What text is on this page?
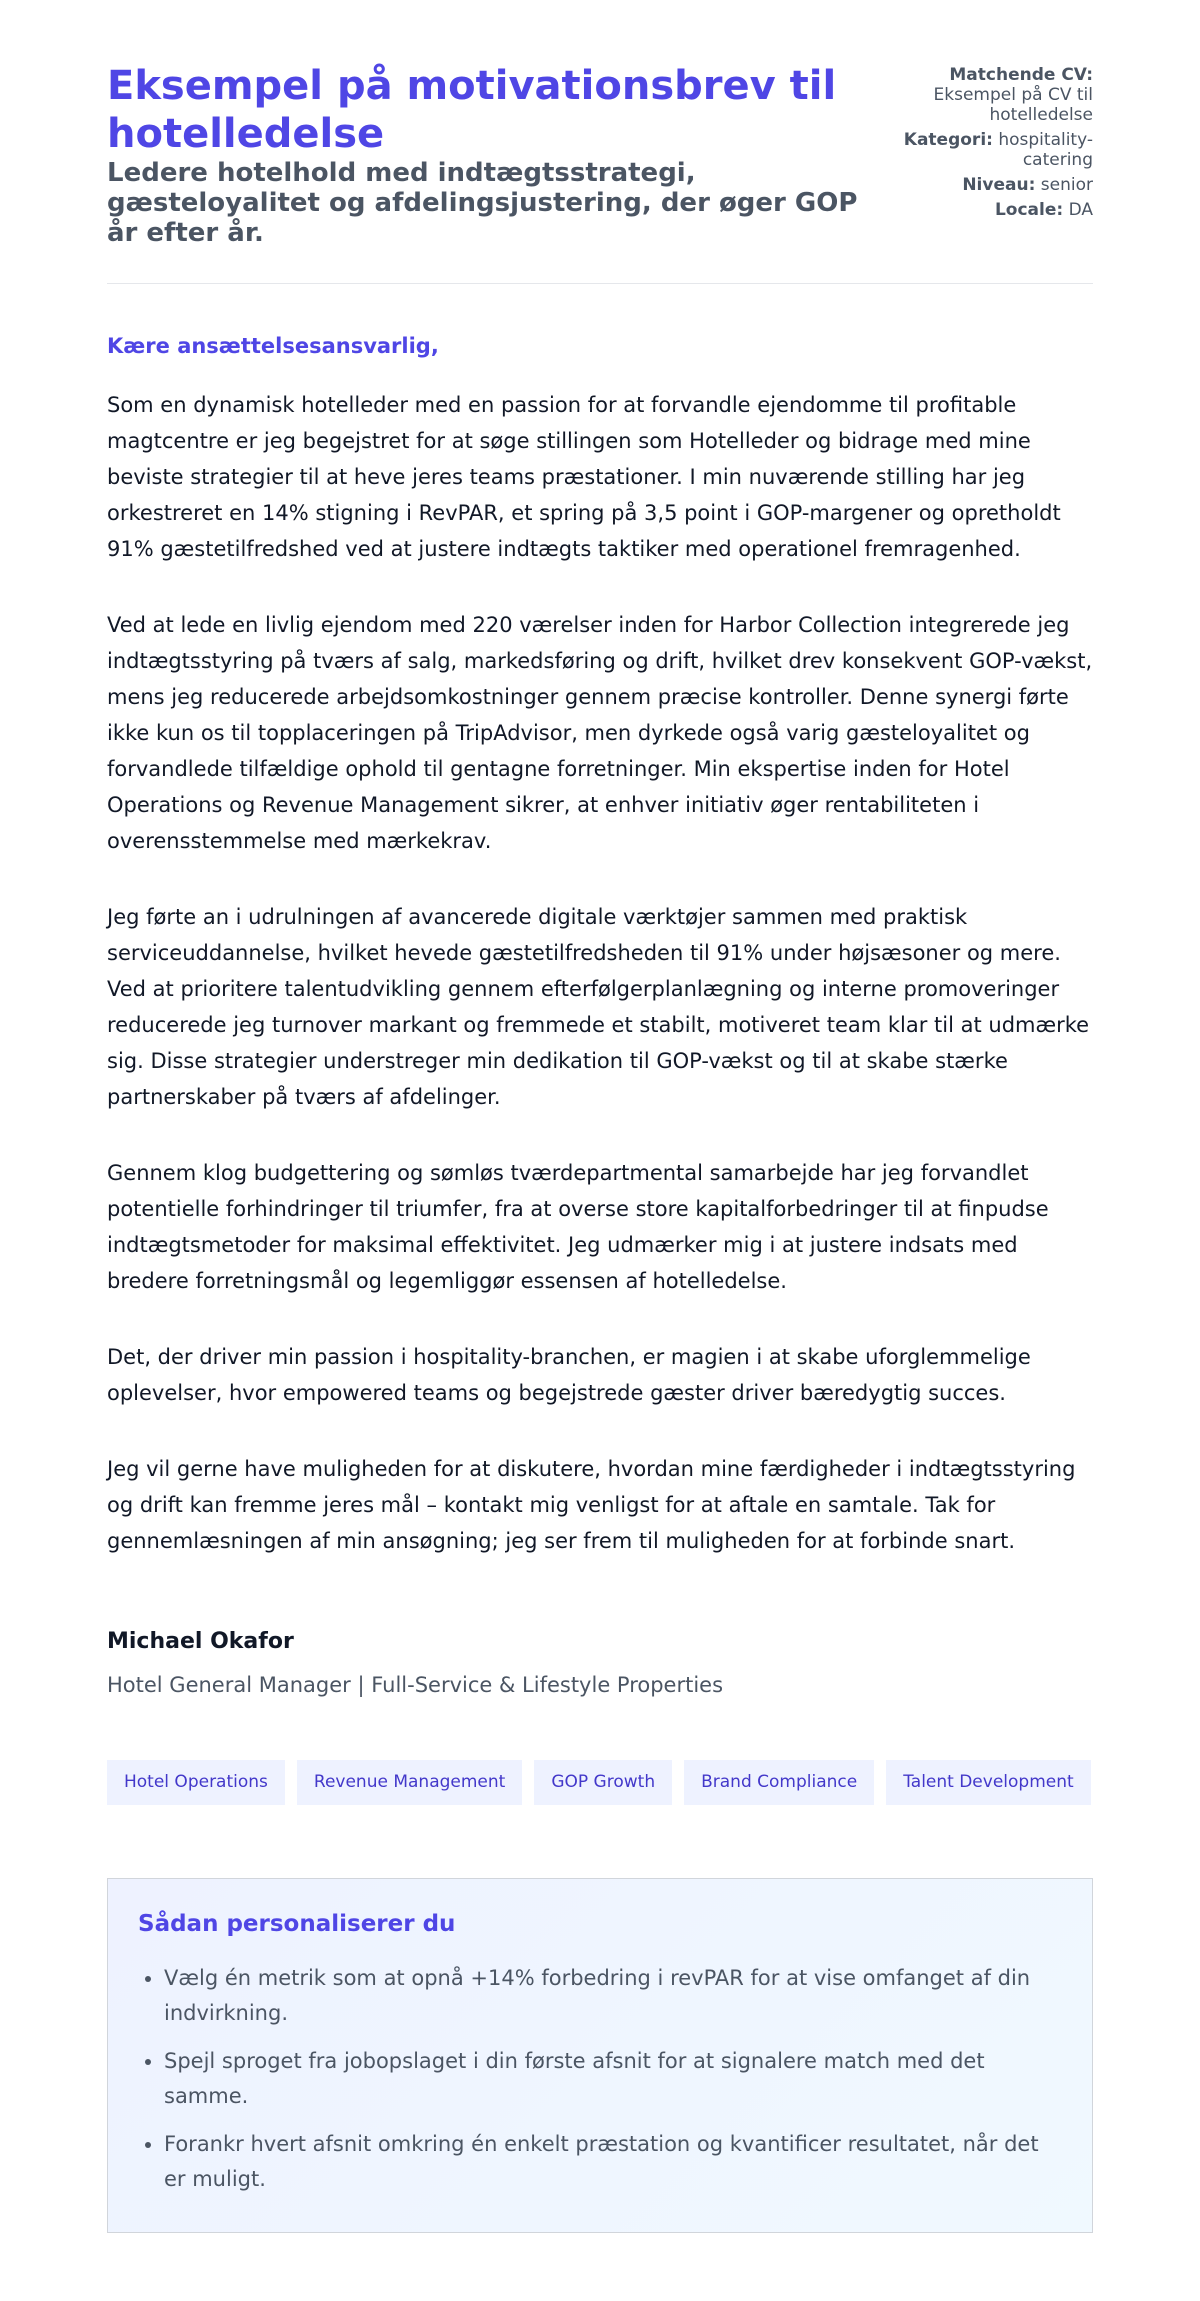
Eksempel på motivationsbrev til hotelledelse
Ledere hotelhold med indtægtsstrategi, gæsteloyalitet og afdelingsjustering, der øger GOP år efter år.
Matchende CV:
Eksempel på CV til hotelledelse
Kategori: hospitality-catering
Niveau: senior
Locale: DA
Kære ansættelsesansvarlig,

Som en dynamisk hotelleder med en passion for at forvandle ejendomme til profitable magtcentre er jeg begejstret for at søge stillingen som Hotelleder og bidrage med mine beviste strategier til at heve jeres teams præstationer. I min nuværende stilling har jeg orkestreret en 14% stigning i RevPAR, et spring på 3,5 point i GOP-margener og opretholdt 91% gæstetilfredshed ved at justere indtægts taktiker med operationel fremragenhed.

Ved at lede en livlig ejendom med 220 værelser inden for Harbor Collection integrerede jeg indtægtsstyring på tværs af salg, markedsføring og drift, hvilket drev konsekvent GOP-vækst, mens jeg reducerede arbejdsomkostninger gennem præcise kontroller. Denne synergi førte ikke kun os til topplaceringen på TripAdvisor, men dyrkede også varig gæsteloyalitet og forvandlede tilfældige ophold til gentagne forretninger. Min ekspertise inden for Hotel Operations og Revenue Management sikrer, at enhver initiativ øger rentabiliteten i overensstemmelse med mærkekrav.

Jeg førte an i udrulningen af avancerede digitale værktøjer sammen med praktisk serviceuddannelse, hvilket hevede gæstetilfredsheden til 91% under højsæsoner og mere. Ved at prioritere talentudvikling gennem efterfølgerplanlægning og interne promoveringer reducerede jeg turnover markant og fremmede et stabilt, motiveret team klar til at udmærke sig. Disse strategier understreger min dedikation til GOP-vækst og til at skabe stærke partnerskaber på tværs af afdelinger.

Gennem klog budgettering og sømløs tværdepartmental samarbejde har jeg forvandlet potentielle forhindringer til triumfer, fra at overse store kapitalforbedringer til at finpudse indtægtsmetoder for maksimal effektivitet. Jeg udmærker mig i at justere indsats med bredere forretningsmål og legemliggør essensen af hotelledelse.

Det, der driver min passion i hospitality-branchen, er magien i at skabe uforglemmelige oplevelser, hvor empowered teams og begejstrede gæster driver bæredygtig succes.

Jeg vil gerne have muligheden for at diskutere, hvordan mine færdigheder i indtægtsstyring og drift kan fremme jeres mål – kontakt mig venligst for at aftale en samtale. Tak for gennemlæsningen af min ansøgning; jeg ser frem til muligheden for at forbinde snart.

Michael Okafor
Hotel General Manager | Full-Service & Lifestyle Properties
Hotel Operations	Revenue Management	GOP Growth	Brand Compliance	Talent Development
Sådan personaliserer du
• Vælg én metrik som at opnå +14% forbedring i revPAR for at vise omfanget af din indvirkning.
• Spejl sproget fra jobopslaget i din første afsnit for at signalere match med det samme.
• Forankr hvert afsnit omkring én enkelt præstation og kvantificer resultatet, når det er muligt.
